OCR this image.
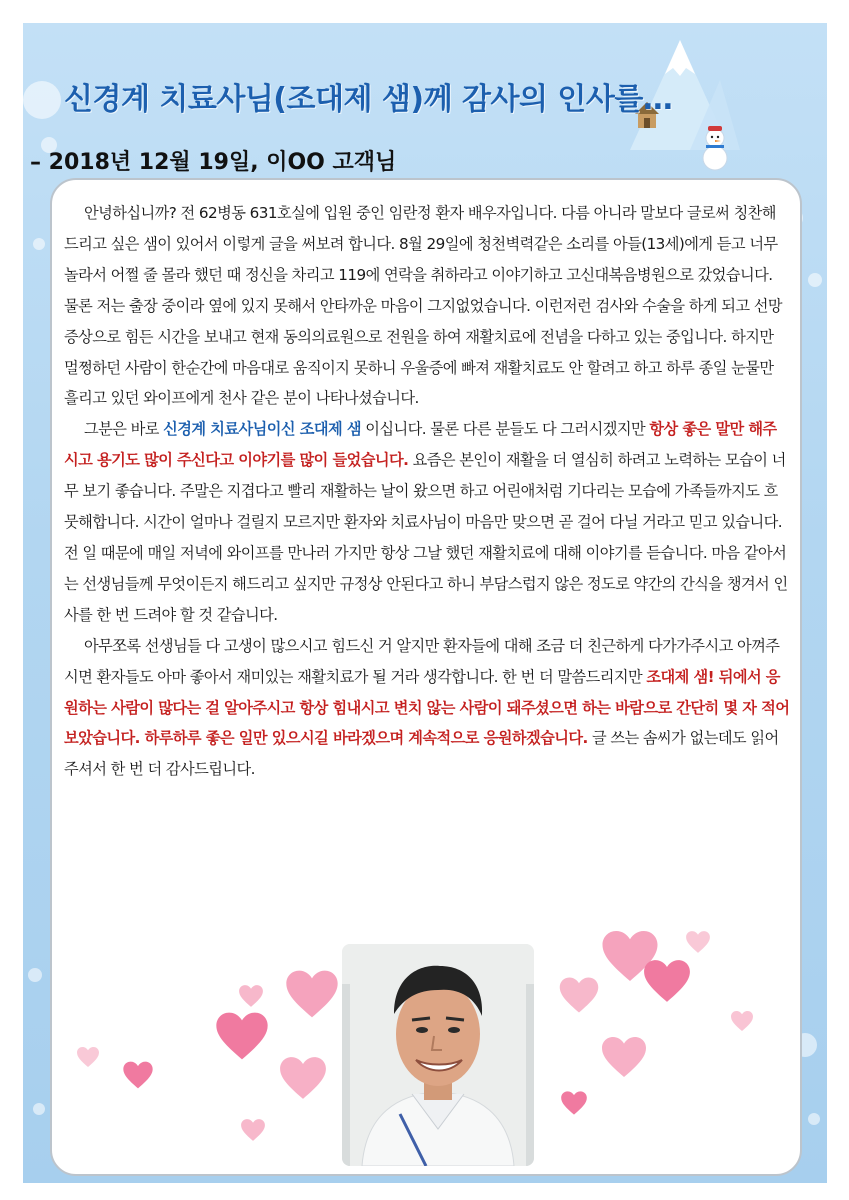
신경계 치료사님(조대제 샘)께 감사의 인사를…
– 2018년 12월 19일, 이OO 고객님

안녕하십니까? 전 62병동 631호실에 입원 중인 임란정 환자 배우자입니다. 다름 아니라 말보다 글로써 칭찬해드리고 싶은 샘이 있어서 이렇게 글을 써보려 합니다. 8월 29일에 청천벽력같은 소리를 아들(13세)에게 듣고 너무 놀라서 어쩔 줄 몰라 했던 때 정신을 차리고 119에 연락을 취하라고 이야기하고 고신대복음병원으로 갔었습니다. 물론 저는 출장 중이라 옆에 있지 못해서 안타까운 마음이 그지없었습니다. 이런저런 검사와 수술을 하게 되고 선망 증상으로 힘든 시간을 보내고 현재 동의의료원으로 전원을 하여 재활치료에 전념을 다하고 있는 중입니다. 하지만 멀쩡하던 사람이 한순간에 마음대로 움직이지 못하니 우울증에 빠져 재활치료도 안 할려고 하고 하루 종일 눈물만 흘리고 있던 와이프에게 천사 같은 분이 나타나셨습니다.

그분은 바로 신경계 치료사님이신 조대제 샘 이십니다. 물론 다른 분들도 다 그러시겠지만 항상 좋은 말만 해주시고 용기도 많이 주신다고 이야기를 많이 들었습니다. 요즘은 본인이 재활을 더 열심히 하려고 노력하는 모습이 너무 보기 좋습니다. 주말은 지겹다고 빨리 재활하는 날이 왔으면 하고 어린애처럼 기다리는 모습에 가족들까지도 흐뭇해합니다. 시간이 얼마나 걸릴지 모르지만 환자와 치료사님이 마음만 맞으면 곧 걸어 다닐 거라고 믿고 있습니다. 전 일 때문에 매일 저녁에 와이프를 만나러 가지만 항상 그날 했던 재활치료에 대해 이야기를 듣습니다. 마음 같아서는 선생님들께 무엇이든지 해드리고 싶지만 규정상 안된다고 하니 부담스럽지 않은 정도로 약간의 간식을 챙겨서 인사를 한 번 드려야 할 것 같습니다.

아무쪼록 선생님들 다 고생이 많으시고 힘드신 거 알지만 환자들에 대해 조금 더 친근하게 다가가주시고 아껴주시면 환자들도 아마 좋아서 재미있는 재활치료가 될 거라 생각합니다. 한 번 더 말씀드리지만 조대제 샘! 뒤에서 응원하는 사람이 많다는 걸 알아주시고 항상 힘내시고 변치 않는 사람이 돼주셨으면 하는 바람으로 간단히 몇 자 적어 보았습니다. 하루하루 좋은 일만 있으시길 바라겠으며 계속적으로 응원하겠습니다. 글 쓰는 솜씨가 없는데도 읽어주셔서 한 번 더 감사드립니다.
